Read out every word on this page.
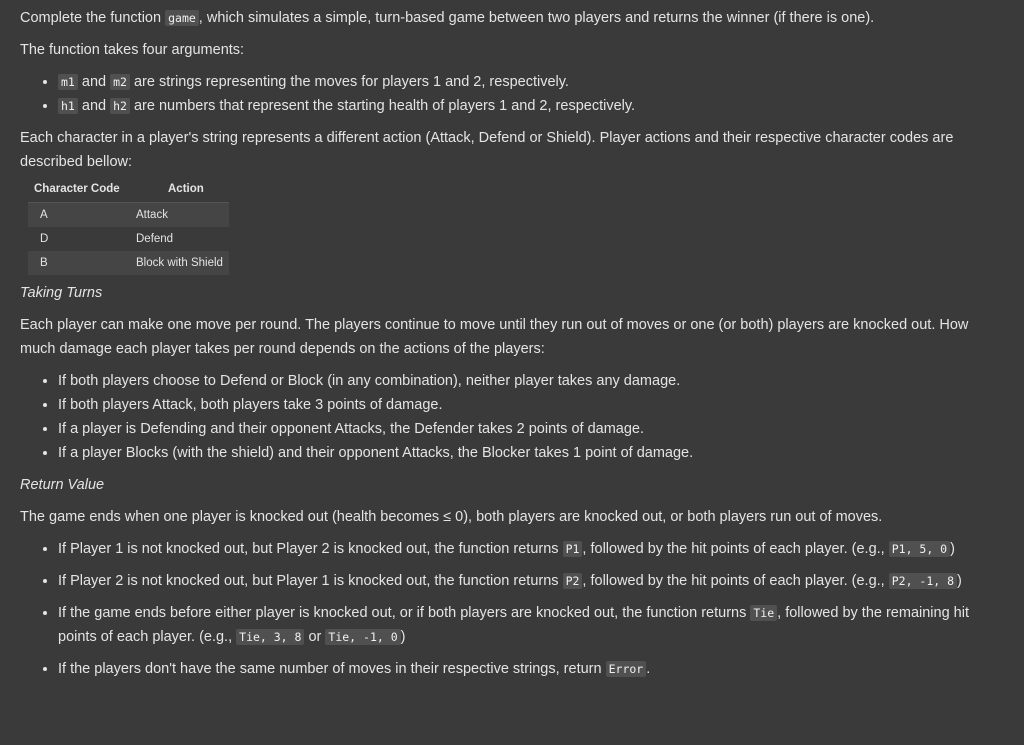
Complete the function game , which simulates a simple, turn-based game between two players and returns the winner (if there is one).

The function takes four arguments:

• m1 and m2 are strings representing the moves for players 1 and 2, respectively.
• h1 and h2 are numbers that represent the starting health of players 1 and 2, respectively.

Each character in a player's string represents a different action (Attack, Defend or Shield). Player actions and their respective character codes are described bellow:

Character Code	Action
A	Attack
D	Defend
B	Block with Shield
Taking Turns

Each player can make one move per round. The players continue to move until they run out of moves or one (or both) players are knocked out. How much damage each player takes per round depends on the actions of the players:

• If both players choose to Defend or Block (in any combination), neither player takes any damage.
• If both players Attack, both players take 3 points of damage.
• If a player is Defending and their opponent Attacks, the Defender takes 2 points of damage.
• If a player Blocks (with the shield) and their opponent Attacks, the Blocker takes 1 point of damage.
Return Value

The game ends when one player is knocked out (health becomes ≤ 0), both players are knocked out, or both players run out of moves.

• If Player 1 is not knocked out, but Player 2 is knocked out, the function returns P1 , followed by the hit points of each player. (e.g., P1, 5, 0 )
• If Player 2 is not knocked out, but Player 1 is knocked out, the function returns P2 , followed by the hit points of each player. (e.g., P2, -1, 8 )
• If the game ends before either player is knocked out, or if both players are knocked out, the function returns Tie , followed by the remaining hit points of each player. (e.g., Tie, 3, 8 or Tie, -1, 0 )
• If the players don't have the same number of moves in their respective strings, return Error .
